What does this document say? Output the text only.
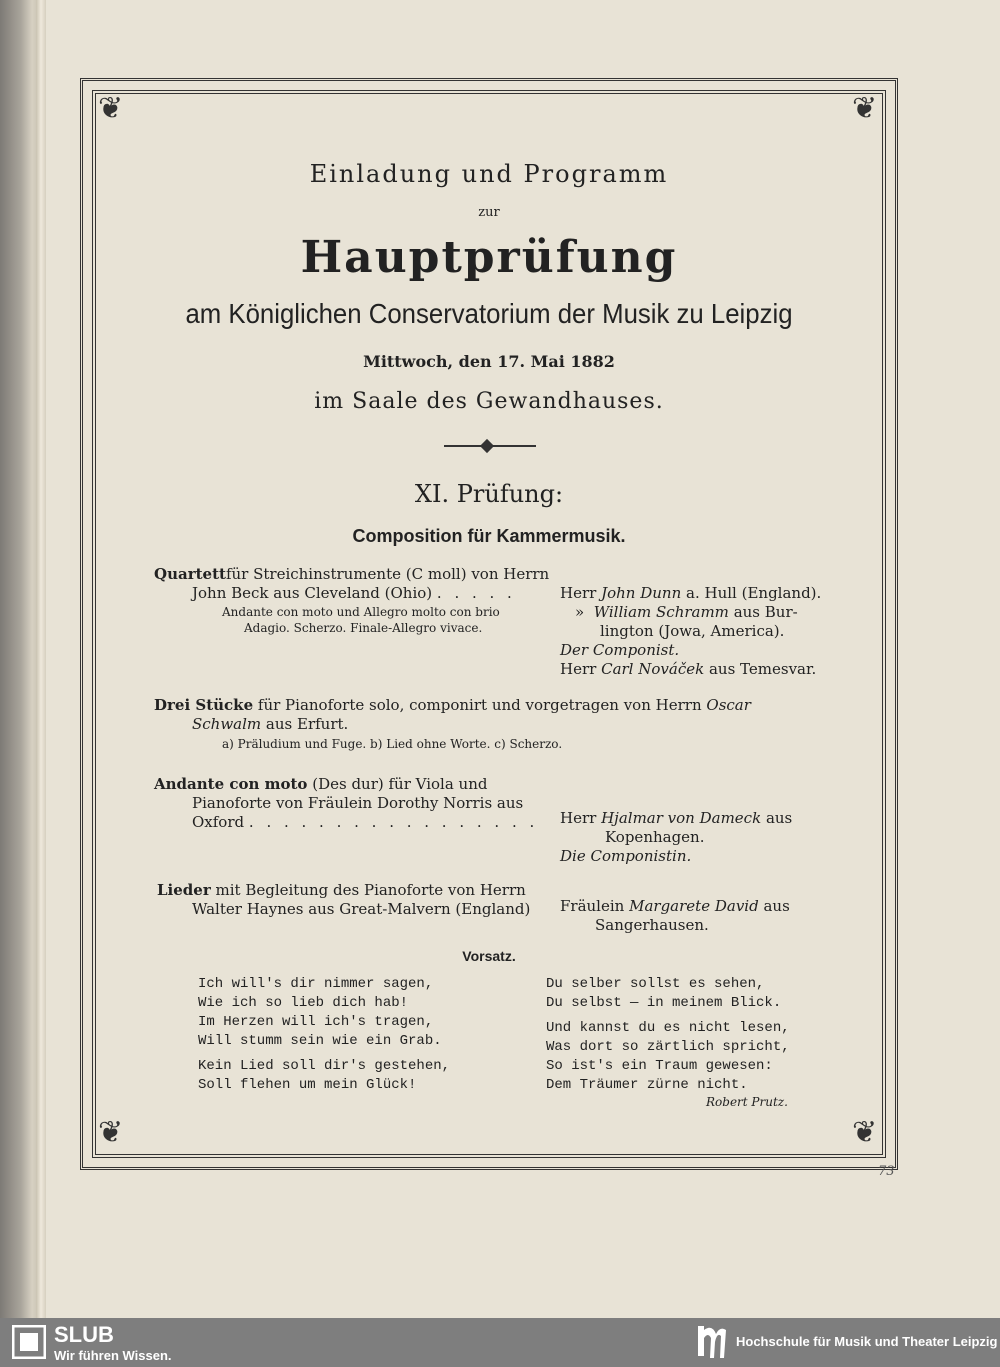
❦	❦
❦	❦
Einladung und Programm
zur
Hauptprüfung
am Königlichen Conservatorium der Musik zu Leipzig
Mittwoch, den 17. Mai 1882
im Saale des Gewandhauses.
XI. Prüfung:
Composition für Kammermusik.
Quartettfür Streichinstrumente (C moll) von Herrn
John Beck aus Cleveland (Ohio) . . . . .
Andante con moto und Allegro molto con brio
Adagio. Scherzo. Finale-Allegro vivace.
Herr John Dunn a. Hull (England).
» William Schramm aus Bur-
lington (Jowa, America).
Der Componist.
Herr Carl Nováček aus Temesvar.
Drei Stücke für Pianoforte solo, componirt und vorgetragen von Herrn Oscar
Schwalm aus Erfurt.
a) Präludium und Fuge. b) Lied ohne Worte. c) Scherzo.
Andante con moto (Des dur) für Viola und
Pianoforte von Fräulein Dorothy Norris aus
Oxford . . . . . . . . . . . . . . . . . Herr Hjalmar von Dameck aus
Kopenhagen.
Die Componistin.
Lieder mit Begleitung des Pianoforte von Herrn
Walter Haynes aus Great-Malvern (England) Fräulein Margarete David aus
Sangerhausen.
Vorsatz.
Ich will's dir nimmer sagen,
Wie ich so lieb dich hab!
Im Herzen will ich's tragen,
Will stumm sein wie ein Grab.
Kein Lied soll dir's gestehen,
Soll flehen um mein Glück!
Du selber sollst es sehen,
Du selbst — in meinem Blick.
Und kannst du es nicht lesen,
Was dort so zärtlich spricht,
So ist's ein Traum gewesen:
Dem Träumer zürne nicht.
Robert Prutz.
73
SLUB
Wir führen Wissen.
Hochschule für Musik und Theater Leipzig
